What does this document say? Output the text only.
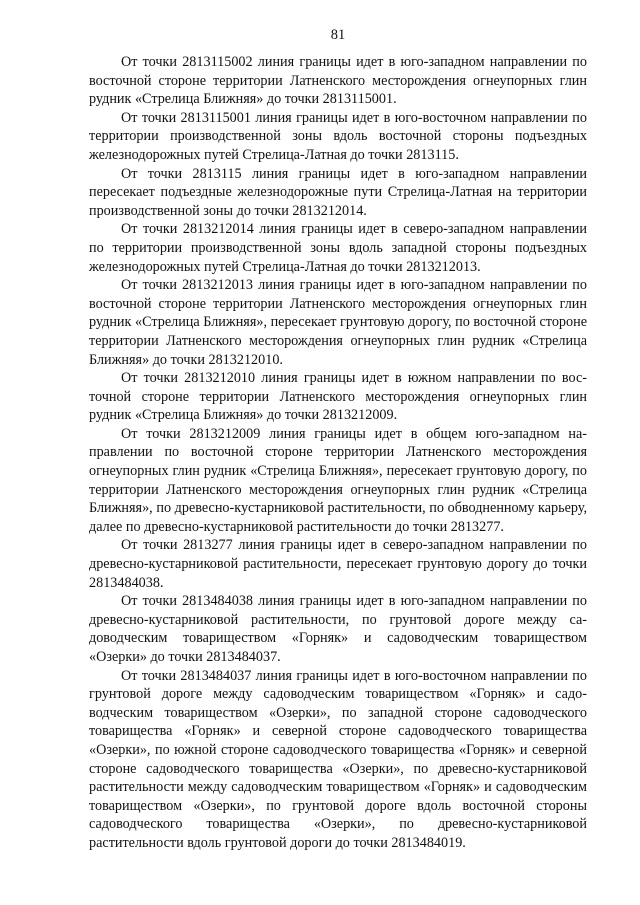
81

От точки 2813115002 линия границы идет в юго-западном направлении по восточной стороне территории Латненского месторождения огнеупорных глин рудник «Стрелица Ближняя» до точки 2813115001.

От точки 2813115001 линия границы идет в юго-восточном направлении по территории производственной зоны вдоль восточной стороны подъездных железнодорожных путей Стрелица-Латная до точки 2813115.

От точки 2813115 линия границы идет в юго-западном направлении пересекает подъездные железнодорожные пути Стрелица-Латная на территории производственной зоны до точки 2813212014.

От точки 2813212014 линия границы идет в северо-западном направлении по территории производственной зоны вдоль западной стороны подъездных железнодорожных путей Стрелица-Латная до точки 2813212013.

От точки 2813212013 линия границы идет в юго-западном направлении по восточной стороне территории Латненского месторождения огнеупорных глин рудник «Стрелица Ближняя», пересекает грунтовую дорогу, по восточной стороне территории Латненского месторождения огнеупорных глин рудник «Стрелица Ближняя» до точки 2813212010.

От точки 2813212010 линия границы идет в южном направлении по восточной стороне территории Латненского месторождения огнеупорных глин рудник «Стрелица Ближняя» до точки 2813212009.

От точки 2813212009 линия границы идет в общем юго-западном направлении по восточной стороне территории Латненского месторождения огнеупорных глин рудник «Стрелица Ближняя», пересекает грунтовую дорогу, по территории Латненского месторождения огнеупорных глин рудник «Стрелица Ближняя», по древесно-кустарниковой растительности, по обводненному карьеру, далее по древесно-кустарниковой растительности до точки 2813277.

От точки 2813277 линия границы идет в северо-западном направлении по древесно-кустарниковой растительности, пересекает грунтовую дорогу до точки 2813484038.

От точки 2813484038 линия границы идет в юго-западном направлении по древесно-кустарниковой растительности, по грунтовой дороге между садоводческим товариществом «Горняк» и садоводческим товариществом «Озерки» до точки 2813484037.

От точки 2813484037 линия границы идет в юго-восточном направлении по грунтовой дороге между садоводческим товариществом «Горняк» и садоводческим товариществом «Озерки», по западной стороне садоводческого товарищества «Горняк» и северной стороне садоводческого товарищества «Озерки», по южной стороне садоводческого товарищества «Горняк» и северной стороне садоводческого товарищества «Озерки», по древесно-кустарниковой растительности между садоводческим товариществом «Горняк» и садоводческим товариществом «Озерки», по грунтовой дороге вдоль восточной стороны садоводческого товарищества «Озерки», по древесно-кустарниковой растительности вдоль грунтовой дороги до точки 2813484019.
